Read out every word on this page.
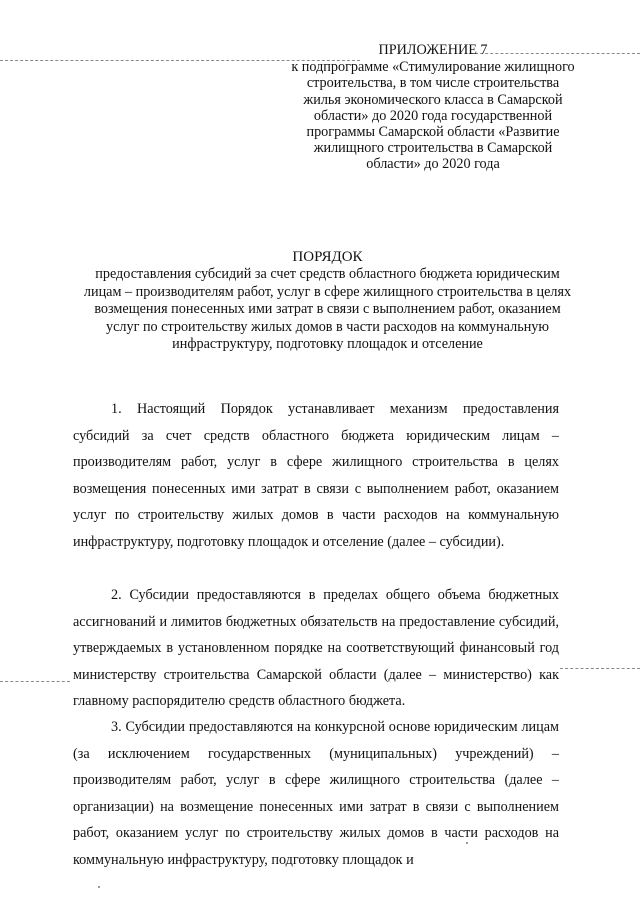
ПРИЛОЖЕНИЕ 7
к подпрограмме «Стимулирование жилищного строительства, в том числе строительства жилья экономического класса в Самарской области» до 2020 года государственной программы Самарской области «Развитие жилищного строительства в Самарской области» до 2020 года
ПОРЯДОК
предоставления субсидий за счет средств областного бюджета юридическим лицам – производителям работ, услуг в сфере жилищного строительства в целях возмещения понесенных ими затрат в связи с выполнением работ, оказанием услуг по строительству жилых домов в части расходов на коммунальную инфраструктуру, подготовку площадок и отселение

1. Настоящий Порядок устанавливает механизм предоставления субсидий за счет средств областного бюджета юридическим лицам – производителям работ, услуг в сфере жилищного строительства в целях возмещения понесенных ими затрат в связи с выполнением работ, оказанием услуг по строительству жилых домов в части расходов на коммунальную инфраструктуру, подготовку площадок и отселение (далее – субсидии).

2. Субсидии предоставляются в пределах общего объема бюджетных ассигнований и лимитов бюджетных обязательств на предоставление субсидий, утверждаемых в установленном порядке на соответствующий финансовый год министерству строительства Самарской области (далее – министерство) как главному распорядителю средств областного бюджета.

3. Субсидии предоставляются на конкурсной основе юридическим лицам (за исключением государственных (муниципальных) учреждений) – производителям работ, услуг в сфере жилищного строительства (далее – организации) на возмещение понесенных ими затрат в связи с выполнением работ, оказанием услуг по строительству жилых домов в части расходов на коммунальную инфраструктуру, подготовку площадок и
